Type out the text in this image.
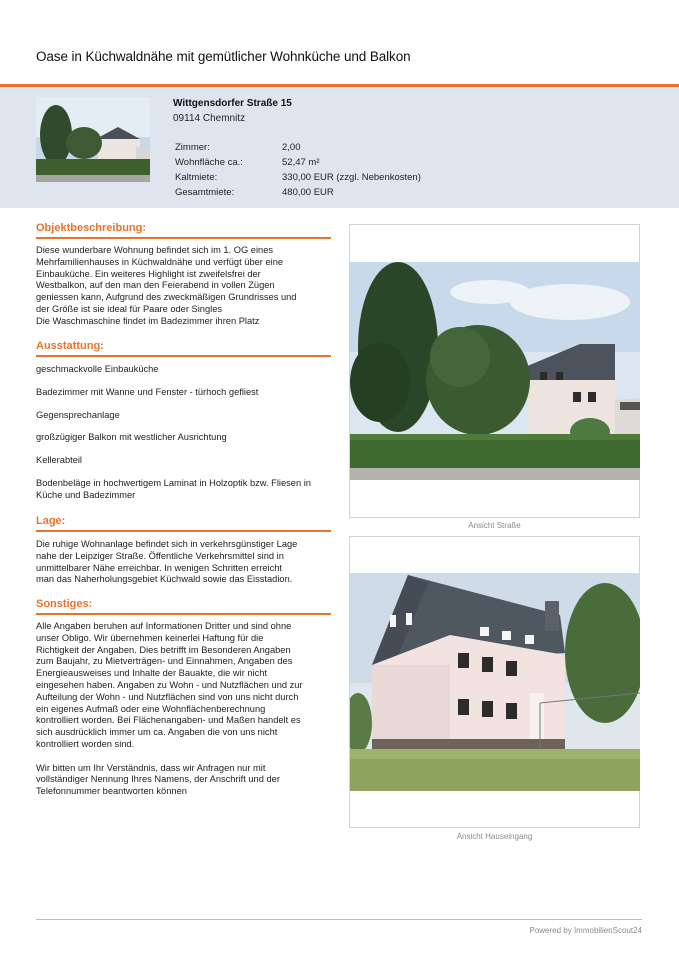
Oase in Küchwaldnähe mit gemütlicher Wohnküche und Balkon
Wittgensdorfer Straße 15
09114 Chemnitz
Zimmer:	2,00
Wohnfläche ca.:	52,47 m²
Kaltmiete:	330,00 EUR (zzgl. Nebenkosten)
Gesamtmiete:	480,00 EUR
Objektbeschreibung:
Diese wunderbare Wohnung befindet sich im 1. OG eines
Mehrfamilienhauses in Küchwaldnähe und verfügt über eine
Einbauküche. Ein weiteres Highlight ist zweifelsfrei der
Westbalkon, auf den man den Feierabend in vollen Zügen
geniessen kann, Aufgrund des zweckmäßigen Grundrisses und
der Größe ist sie ideal für Paare oder Singles
Die Waschmaschine findet im Badezimmer ihren Platz
Ausstattung:

geschmackvolle Einbauküche

Badezimmer mit Wanne und Fenster - türhoch gefliest

Gegensprechanlage

großzügiger Balkon mit westlicher Ausrichtung

Kellerabteil

Bodenbeläge in hochwertigem Laminat in Holzoptik bzw. Fliesen in Küche und Badezimmer

Lage:
Die ruhige Wohnanlage befindet sich in verkehrsgünstiger Lage
nahe der Leipziger Straße. Öffentliche Verkehrsmittel sind in
unmittelbarer Nähe erreichbar. In wenigen Schritten erreicht
man das Naherholungsgebiet Küchwald sowie das Eisstadion.
Sonstiges:
Alle Angaben beruhen auf Informationen Dritter und sind ohne
unser Obligo. Wir übernehmen keinerlei Haftung für die
Richtigkeit der Angaben. Dies betrifft im Besonderen Angaben
zum Baujahr, zu Mietverträgen- und Einnahmen, Angaben des
Energieausweises und Inhalte der Bauakte, die wir nicht
eingesehen haben. Angaben zu Wohn - und Nutzflächen und zur
Aufteilung der Wohn - und Nutzflächen sind von uns nicht durch
ein eigenes Aufmaß oder eine Wohnflächenberechnung
kontrolliert worden. Bei Flächenangaben- und Maßen handelt es
sich ausdrücklich immer um ca. Angaben die von uns nicht
kontrolliert worden sind.
Wir bitten um Ihr Verständnis, dass wir Anfragen nur mit
vollständiger Nennung Ihres Namens, der Anschrift und der
Telefonnummer beantworten können
Ansicht Straße
Ansicht Hauseingang
Powered by ImmobilienScout24
